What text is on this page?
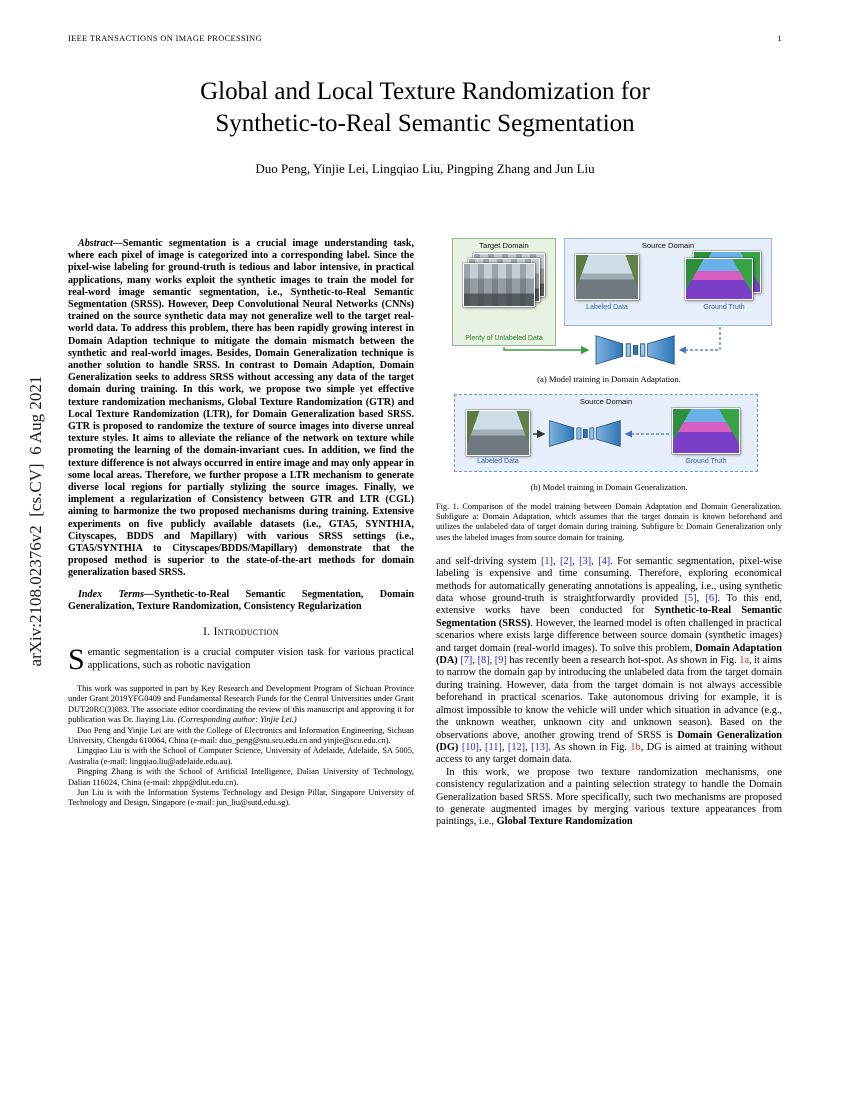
IEEE TRANSACTIONS ON IMAGE PROCESSING	1
arXiv:2108.02376v2  [cs.CV]  6 Aug 2021
Global and Local Texture Randomization for Synthetic-to-Real Semantic Segmentation
Duo Peng, Yinjie Lei, Lingqiao Liu, Pingping Zhang and Jun Liu

Abstract—Semantic segmentation is a crucial image understanding task, where each pixel of image is categorized into a corresponding label. Since the pixel-wise labeling for ground-truth is tedious and labor intensive, in practical applications, many works exploit the synthetic images to train the model for real-word image semantic segmentation, i.e., Synthetic-to-Real Semantic Segmentation (SRSS). However, Deep Convolutional Neural Networks (CNNs) trained on the source synthetic data may not generalize well to the target real-world data. To address this problem, there has been rapidly growing interest in Domain Adaption technique to mitigate the domain mismatch between the synthetic and real-world images. Besides, Domain Generalization technique is another solution to handle SRSS. In contrast to Domain Adaption, Domain Generalization seeks to address SRSS without accessing any data of the target domain during training. In this work, we propose two simple yet effective texture randomization mechanisms, Global Texture Randomization (GTR) and Local Texture Randomization (LTR), for Domain Generalization based SRSS. GTR is proposed to randomize the texture of source images into diverse unreal texture styles. It aims to alleviate the reliance of the network on texture while promoting the learning of the domain-invariant cues. In addition, we find the texture difference is not always occurred in entire image and may only appear in some local areas. Therefore, we further propose a LTR mechanism to generate diverse local regions for partially stylizing the source images. Finally, we implement a regularization of Consistency between GTR and LTR (CGL) aiming to harmonize the two proposed mechanisms during training. Extensive experiments on five publicly available datasets (i.e., GTA5, SYNTHIA, Cityscapes, BDDS and Mapillary) with various SRSS settings (i.e., GTA5/SYNTHIA to Cityscapes/BDDS/Mapillary) demonstrate that the proposed method is superior to the state-of-the-art methods for domain generalization based SRSS.

Index Terms—Synthetic-to-Real Semantic Segmentation, Domain Generalization, Texture Randomization, Consistency Regularization

I. Introduction

Semantic segmentation is a crucial computer vision task for various practical applications, such as robotic navigation

This work was supported in part by Key Research and Development Program of Sichuan Province under Grant 2019YFG0409 and Fundamental Research Funds for the Central Universities under Grant DUT20RC(3)083. The associate editor coordinating the review of this manuscript and approving it for publication was Dr. Jiaying Liu. (Corresponding author: Yinjie Lei.)

Duo Peng and Yinjie Lei are with the College of Electronics and Information Engineering, Sichuan University, Chengdu 610064, China (e-mail: duo_peng@stu.scu.edu.cn and yinjie@scu.edu.cn).

Lingqiao Liu is with the School of Computer Science, University of Adelaide, Adelaide, SA 5005, Australia (e-mail: lingqiao.liu@adelaide.edu.au).

Pingping Zhang is with the School of Artificial Intelligence, Dalian University of Technology, Dalian 116024, China (e-mail: zhpp@dlut.edu.cn).

Jun Liu is with the Information Systems Technology and Design Pillar, Singapore University of Technology and Design, Singapore (e-mail: jun_liu@sutd.edu.sg).

Target Domain
Plenty of Unlabeled Data
Source Domain
Labeled Data	Ground Truth
(a) Model training in Domain Adaptation.
Source Domain
Labeled Data	Ground Truth
(b) Model training in Domain Generalization.
Fig. 1. Comparison of the model training between Domain Adaptation and Domain Generalization. Subfigure a: Domain Adaptation, which assumes that the target domain is known beforehand and utilizes the unlabeled data of target domain during training. Subfigure b: Domain Generalization only uses the labeled images from source domain for training.

and self-driving system [1], [2], [3], [4]. For semantic segmentation, pixel-wise labeling is expensive and time consuming. Therefore, exploring economical methods for automatically generating annotations is appealing, i.e., using synthetic data whose ground-truth is straightforwardly provided [5], [6]. To this end, extensive works have been conducted for Synthetic-to-Real Semantic Segmentation (SRSS). However, the learned model is often challenged in practical scenarios where exists large difference between source domain (synthetic images) and target domain (real-world images). To solve this problem, Domain Adaptation (DA) [7], [8], [9] has recently been a research hot-spot. As shown in Fig. 1a, it aims to narrow the domain gap by introducing the unlabeled data from the target domain during training. However, data from the target domain is not always accessible beforehand in practical scenarios. Take autonomous driving for example, it is almost impossible to know the vehicle will under which situation in advance (e.g., the unknown weather, unknown city and unknown season). Based on the observations above, another growing trend of SRSS is Domain Generalization (DG) [10], [11], [12], [13]. As shown in Fig. 1b, DG is aimed at training without access to any target domain data.

In this work, we propose two texture randomization mechanisms, one consistency regularization and a painting selection strategy to handle the Domain Generalization based SRSS. More specifically, such two mechanisms are proposed to generate augmented images by merging various texture appearances from paintings, i.e., Global Texture Randomization
